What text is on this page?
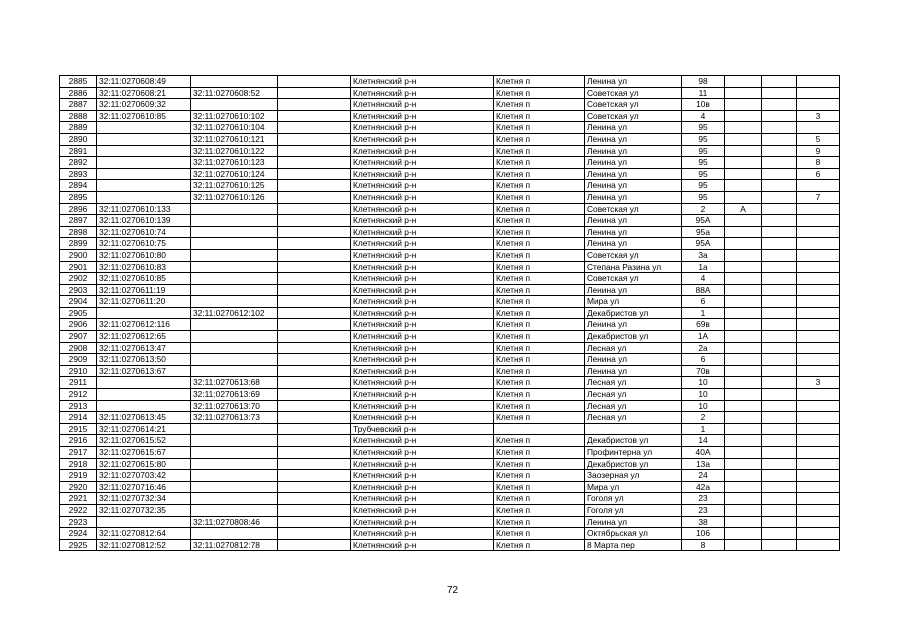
2885	32:11:0270608:49			Клетнянский р-н	Клетня п	Ленина ул	98			
2886	32:11:0270608:21	32:11:0270608:52		Клетнянский р-н	Клетня п	Советская ул	11			
2887	32:11:0270609:32			Клетнянский р-н	Клетня п	Советская ул	10в			
2888	32:11:0270610:85	32:11:0270610:102		Клетнянский р-н	Клетня п	Советская ул	4			3
2889		32:11:0270610:104		Клетнянский р-н	Клетня п	Ленина ул	95			
2890		32:11:0270610:121		Клетнянский р-н	Клетня п	Ленина ул	95			5
2891		32:11:0270610:122		Клетнянский р-н	Клетня п	Ленина ул	95			9
2892		32:11:0270610:123		Клетнянский р-н	Клетня п	Ленина ул	95			8
2893		32:11:0270610:124		Клетнянский р-н	Клетня п	Ленина ул	95			6
2894		32:11:0270610:125		Клетнянский р-н	Клетня п	Ленина ул	95			
2895		32:11:0270610:126		Клетнянский р-н	Клетня п	Ленина ул	95			7
2896	32:11:0270610:133			Клетнянский р-н	Клетня п	Советская ул	2	А		
2897	32:11:0270610:139			Клетнянский р-н	Клетня п	Ленина ул	95А			
2898	32:11:0270610:74			Клетнянский р-н	Клетня п	Ленина ул	95а			
2899	32:11:0270610:75			Клетнянский р-н	Клетня п	Ленина ул	95А			
2900	32:11:0270610:80			Клетнянский р-н	Клетня п	Советская ул	3а			
2901	32:11:0270610:83			Клетнянский р-н	Клетня п	Степана Разина ул	1а			
2902	32:11:0270610:85			Клетнянский р-н	Клетня п	Советская ул	4			
2903	32:11:0270611:19			Клетнянский р-н	Клетня п	Ленина ул	88А			
2904	32:11:0270611:20			Клетнянский р-н	Клетня п	Мира ул	6			
2905		32:11:0270612:102		Клетнянский р-н	Клетня п	Декабристов ул	1			
2906	32:11:0270612:116			Клетнянский р-н	Клетня п	Ленина ул	69в			
2907	32:11:0270612:65			Клетнянский р-н	Клетня п	Декабристов ул	1А			
2908	32:11:0270613:47			Клетнянский р-н	Клетня п	Лесная ул	2а			
2909	32:11:0270613:50			Клетнянский р-н	Клетня п	Ленина ул	6			
2910	32:11:0270613:67			Клетнянский р-н	Клетня п	Ленина ул	70в			
2911		32:11:0270613:68		Клетнянский р-н	Клетня п	Лесная ул	10			3
2912		32:11:0270613:69		Клетнянский р-н	Клетня п	Лесная ул	10			
2913		32:11:0270613:70		Клетнянский р-н	Клетня п	Лесная ул	10			
2914	32:11:0270613:45	32:11:0270613:73		Клетнянский р-н	Клетня п	Лесная ул	2			
2915	32:11:0270614:21			Трубчевский р-н			1			
2916	32:11:0270615:52			Клетнянский р-н	Клетня п	Декабристов ул	14			
2917	32:11:0270615:67			Клетнянский р-н	Клетня п	Профинтерна ул	40А			
2918	32:11:0270615:80			Клетнянский р-н	Клетня п	Декабристов ул	13а			
2919	32:11:0270703:42			Клетнянский р-н	Клетня п	Заозерная ул	24			
2920	32:11:0270716:46			Клетнянский р-н	Клетня п	Мира ул	42а			
2921	32:11:0270732:34			Клетнянский р-н	Клетня п	Гоголя ул	23			
2922	32:11:0270732:35			Клетнянский р-н	Клетня п	Гоголя ул	23			
2923		32:11:0270808:46		Клетнянский р-н	Клетня п	Ленина ул	38			
2924	32:11:0270812:64			Клетнянский р-н	Клетня п	Октябрьская ул	106			
2925	32:11:0270812:52	32:11:0270812:78		Клетнянский р-н	Клетня п	8 Марта пер	8			
72
